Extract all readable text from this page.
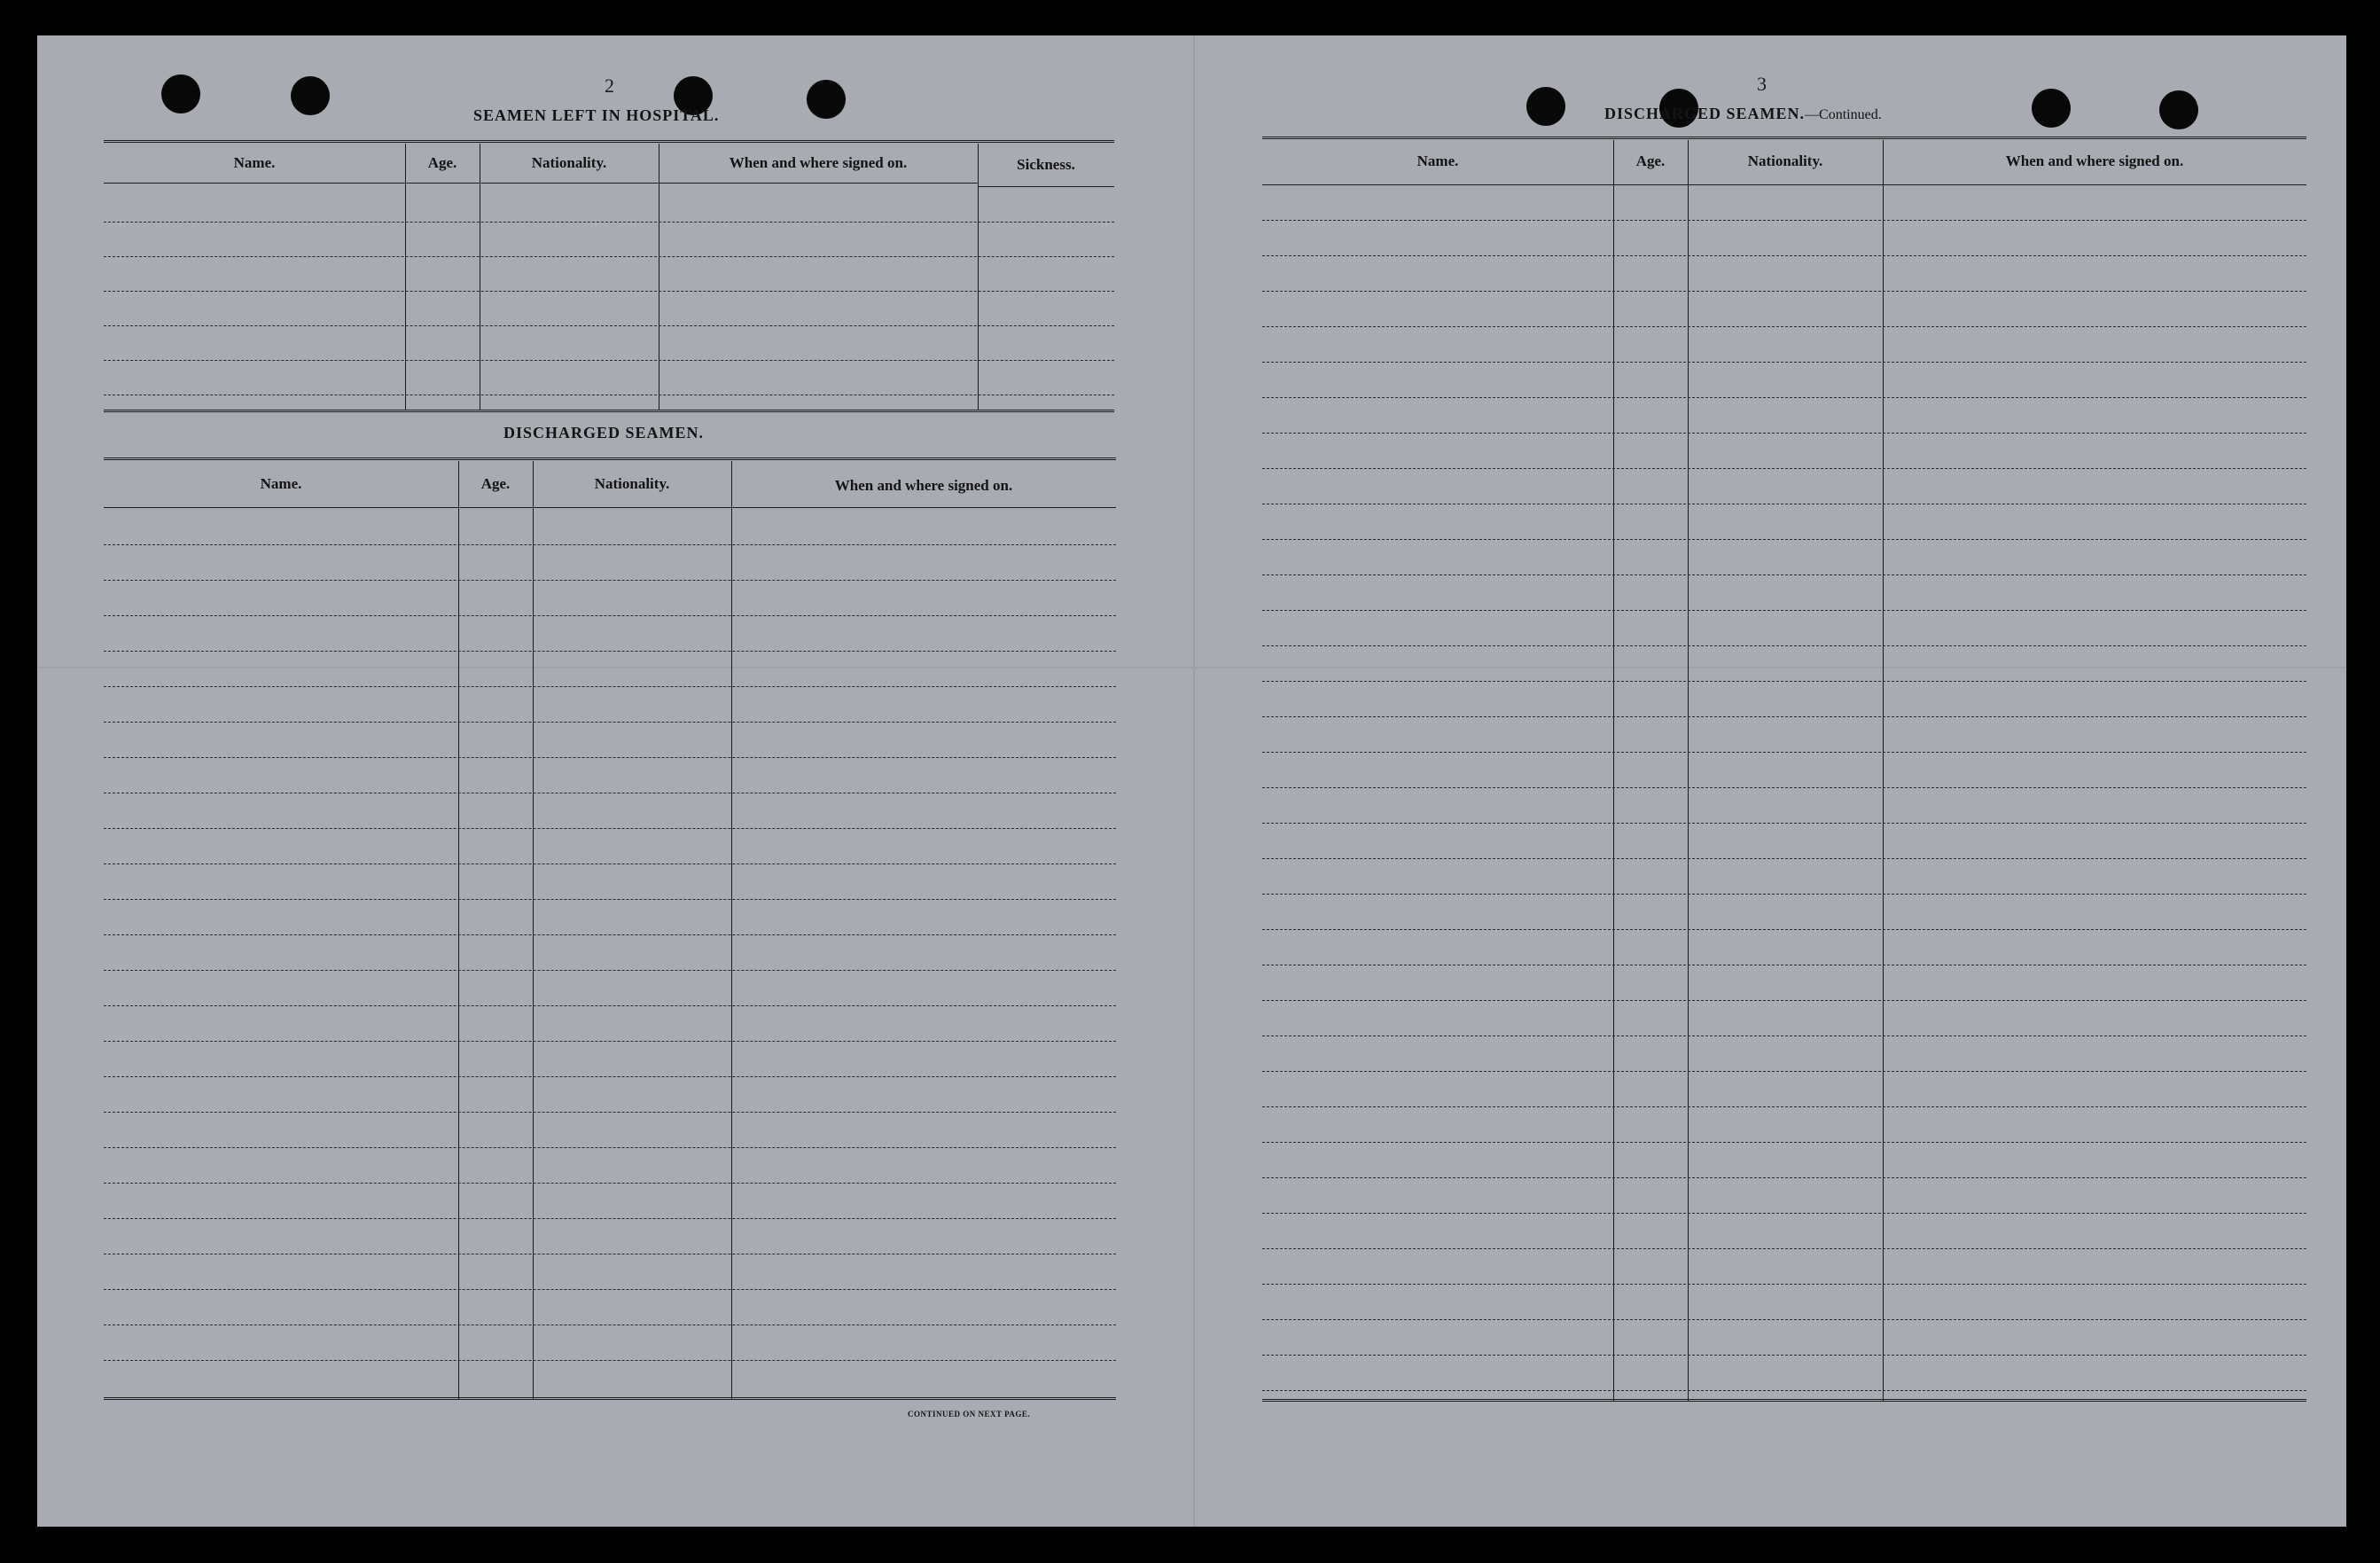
2	3
SEAMEN LEFT IN HOSPITAL.
Name.	Age.	Nationality.	When and where signed on.	Sickness.
DISCHARGED SEAMEN.
Name.	Age.	Nationality.	When and where signed on.
CONTINUED ON NEXT PAGE.
DISCHARGED SEAMEN.—Continued.
Name.	Age.	Nationality.	When and where signed on.
